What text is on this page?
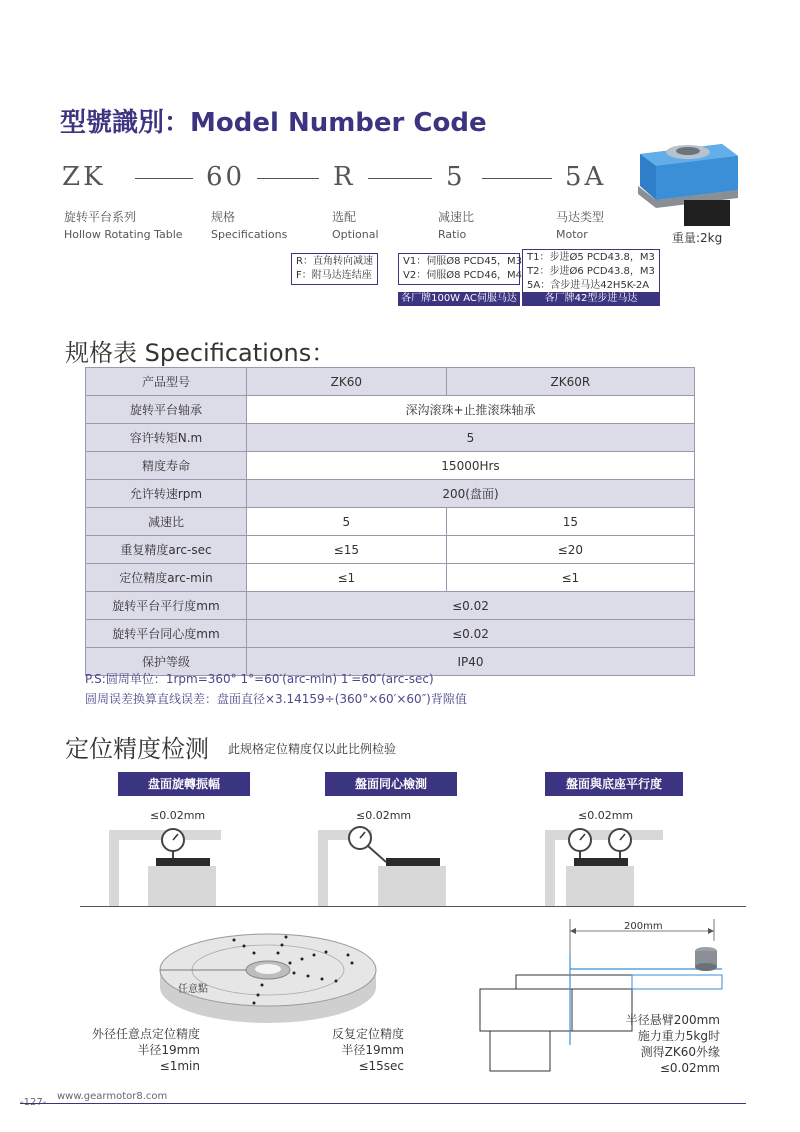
型號識別：Model Number Code
ZK	60	R	5	5A
旋转平台系列
Hollow Rotating Table
规格
Specifications
选配
Optional
减速比
Ratio
马达类型
Motor	重量:2kg
R：直角转向减速
F：附马达连结座
V1：伺服Ø8 PCD45，M3
V2：伺服Ø8 PCD46，M4
T1：步进Ø5 PCD43.8，M3
T2：步进Ø6 PCD43.8，M3
5A：含步进马达42H5K-2A
各厂牌100W AC伺服马达	各厂牌42型步进马达
规格表 Specifications：
产品型号	ZK60	ZK60R
旋转平台轴承	深沟滚珠+止推滚珠轴承	
容许转矩N.m	5	
精度寿命	15000Hrs	
允许转速rpm	200(盘面)	
减速比	5	15
重复精度arc-sec	≤15	≤20
定位精度arc-min	≤1	≤1
旋转平台平行度mm	≤0.02	
旋转平台同心度mm	≤0.02	
保护等级	IP40	
P.S:圆周单位：1rpm=360° 1°=60′(arc-min) 1′=60″(arc-sec)
圆周误差换算直线误差：盘面直径×3.14159÷(360°×60′×60″)背隙值
定位精度检测 此规格定位精度仅以此比例检验
盘面旋轉振幅	盤面同心檢測	盤面與底座平行度
≤0.02mm	≤0.02mm	≤0.02mm
任意點
外径任意点定位精度
半径19mm
≤1min
反复定位精度
半径19mm
≤15sec
200mm
半径悬臂200mm
施力重力5kg时
测得ZK60外缘
≤0.02mm
www.gearmotor8.com
